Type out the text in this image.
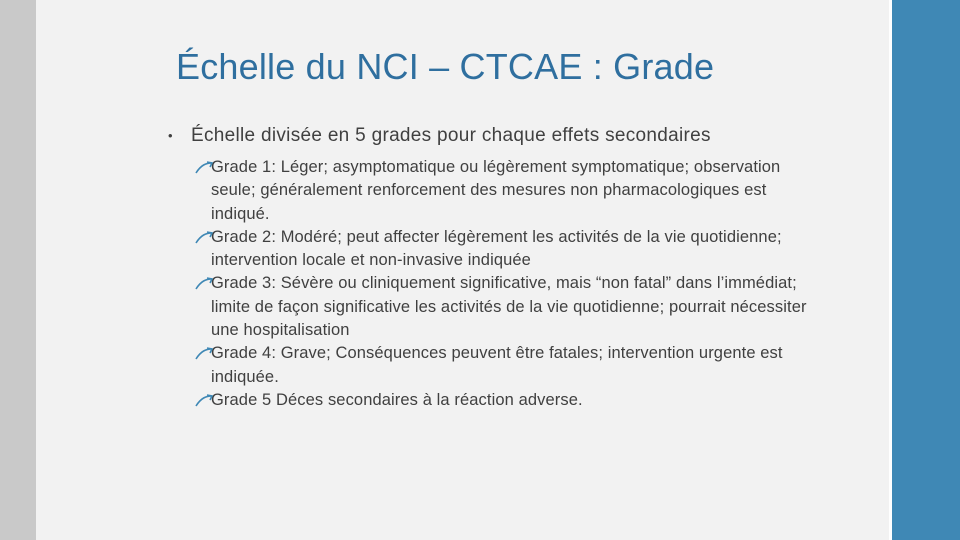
Échelle du NCI – CTCAE : Grade
• Échelle divisée en 5 grades pour chaque effets secondaires
Grade 1: Léger; asymptomatique ou légèrement symptomatique; observation seule; généralement renforcement des mesures non pharmacologiques est indiqué.
Grade 2: Modéré; peut affecter légèrement les activités de la vie quotidienne; intervention locale et non-invasive indiquée
Grade 3: Sévère ou cliniquement significative, mais “non fatal” dans l’immédiat; limite de façon significative les activités de la vie quotidienne; pourrait nécessiter une hospitalisation
Grade 4: Grave; Conséquences peuvent être fatales; intervention urgente est indiquée.
Grade 5 Déces secondaires à la réaction adverse.
